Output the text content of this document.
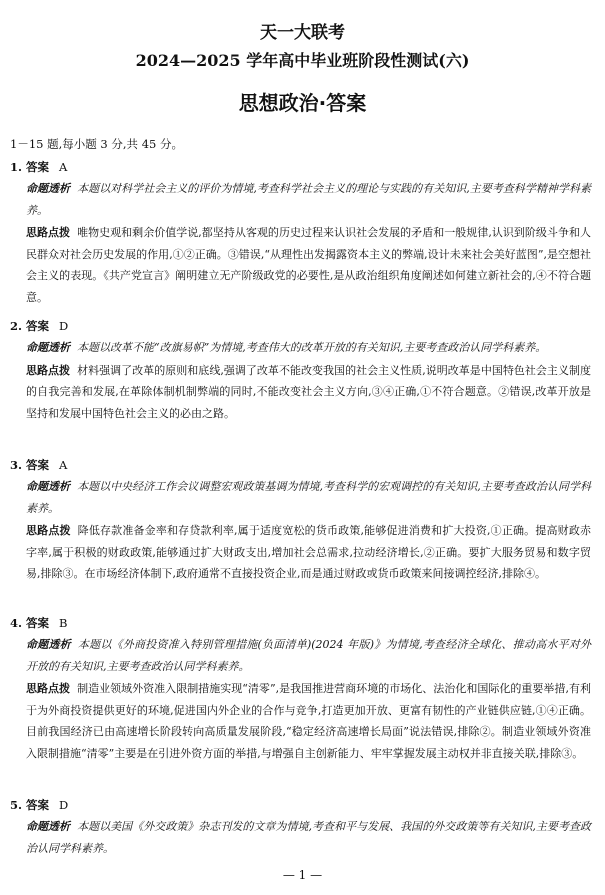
天一大联考
2024—2025 学年高中毕业班阶段性测试(六)
思想政治·答案
1－15 题,每小题 3 分,共 45 分。
1. 答案 A
命题透析 本题以对科学社会主义的评价为情境,考查科学社会主义的理论与实践的有关知识,主要考查科学精神学科素养。
思路点拨 唯物史观和剩余价值学说,都坚持从客观的历史过程来认识社会发展的矛盾和一般规律,认识到阶级斗争和人民群众对社会历史发展的作用,①②正确。③错误,“从理性出发揭露资本主义的弊端,设计未来社会美好蓝图”,是空想社会主义的表现。《共产党宣言》阐明建立无产阶级政党的必要性,是从政治组织角度阐述如何建立新社会的,④不符合题意。
2. 答案 D
命题透析 本题以改革不能“改旗易帜”为情境,考查伟大的改革开放的有关知识,主要考查政治认同学科素养。
思路点拨 材料强调了改革的原则和底线,强调了改革不能改变我国的社会主义性质,说明改革是中国特色社会主义制度的自我完善和发展,在革除体制机制弊端的同时,不能改变社会主义方向,③④正确,①不符合题意。②错误,改革开放是坚持和发展中国特色社会主义的必由之路。
3. 答案 A
命题透析 本题以中央经济工作会议调整宏观政策基调为情境,考查科学的宏观调控的有关知识,主要考查政治认同学科素养。
思路点拨 降低存款准备金率和存贷款利率,属于适度宽松的货币政策,能够促进消费和扩大投资,①正确。提高财政赤字率,属于积极的财政政策,能够通过扩大财政支出,增加社会总需求,拉动经济增长,②正确。要扩大服务贸易和数字贸易,排除③。在市场经济体制下,政府通常不直接投资企业,而是通过财政或货币政策来间接调控经济,排除④。
4. 答案 B
命题透析 本题以《外商投资准入特别管理措施(负面清单)(2024 年版)》为情境,考查经济全球化、推动高水平对外开放的有关知识,主要考查政治认同学科素养。
思路点拨 制造业领域外资准入限制措施实现“清零”,是我国推进营商环境的市场化、法治化和国际化的重要举措,有利于为外商投资提供更好的环境,促进国内外企业的合作与竞争,打造更加开放、更富有韧性的产业链供应链,①④正确。目前我国经济已由高速增长阶段转向高质量发展阶段,“稳定经济高速增长局面”说法错误,排除②。制造业领域外资准入限制措施“清零”主要是在引进外资方面的举措,与增强自主创新能力、牢牢掌握发展主动权并非直接关联,排除③。
5. 答案 D
命题透析 本题以美国《外交政策》杂志刊发的文章为情境,考查和平与发展、我国的外交政策等有关知识,主要考查政治认同学科素养。
— 1 —
